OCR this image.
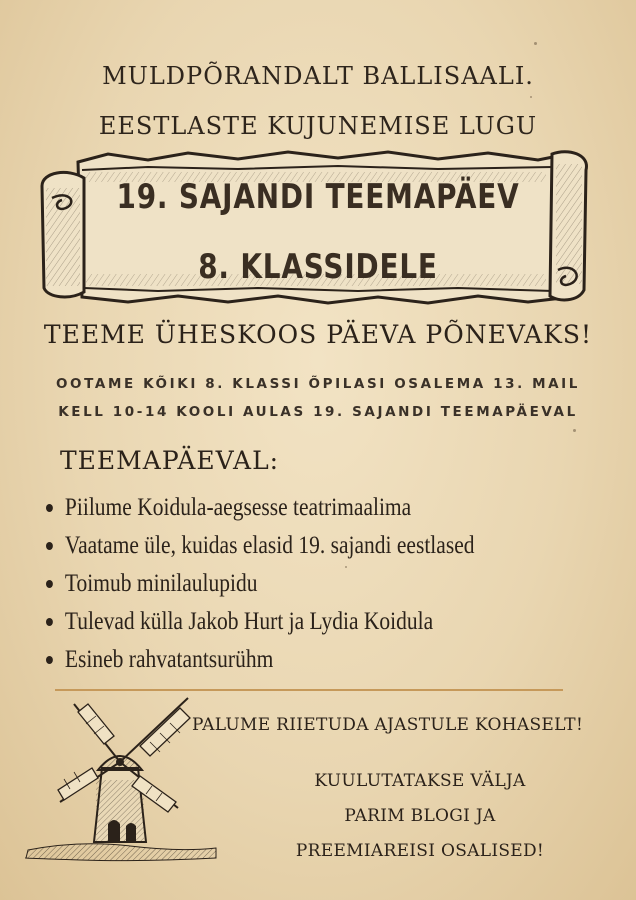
MULDPÕRANDALT BALLISAALI.
EESTLASTE KUJUNEMISE LUGU
19. SAJANDI TEEMAPÄEV
8. KLASSIDELE
TEEME ÜHESKOOS PÄEVA PÕNEVAKS!
OOTAME KÕIKI 8. KLASSI ÕPILASI OSALEMA 13. MAIL
KELL 10-14 KOOLI AULAS 19. SAJANDI TEEMAPÄEVAL
TEEMAPÄEVAL:
Piilume Koidula-aegsesse teatrimaalima
Vaatame üle, kuidas elasid 19. sajandi eestlased
Toimub minilaulupidu
Tulevad külla Jakob Hurt ja Lydia Koidula
Esineb rahvatantsurühm
PALUME RIIETUDA AJASTULE KOHASELT!
KUULUTATAKSE VÄLJA
PARIM BLOGI JA
PREEMIAREISI OSALISED!
